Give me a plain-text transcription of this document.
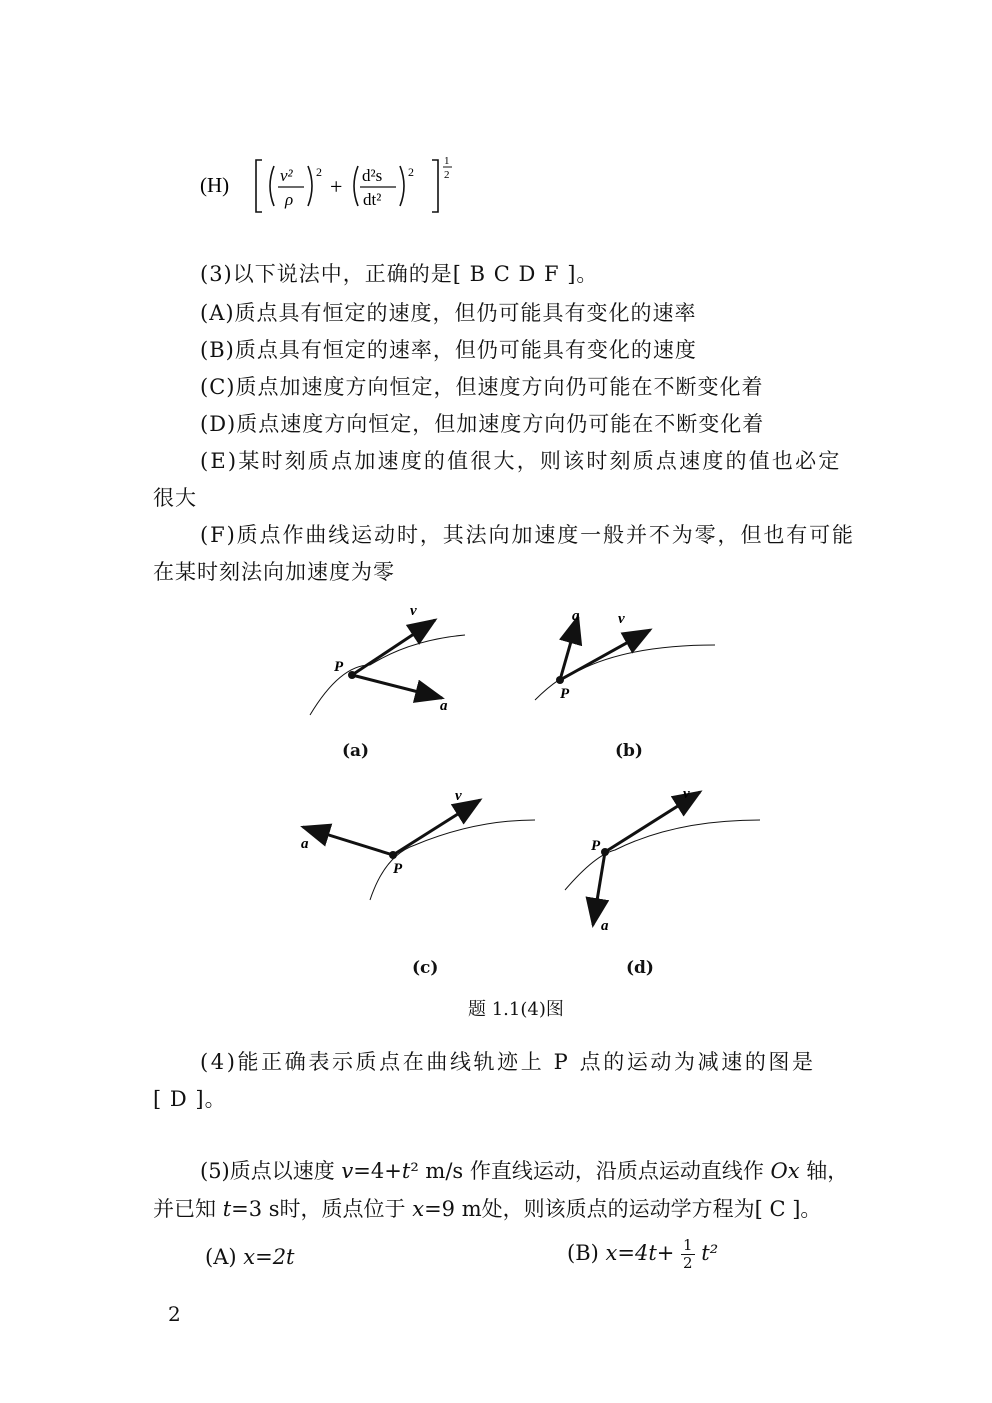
(H)	v²
ρ
2
+ d²s
dt²
2
1
2
(3)以下说法中，正确的是[ B C D F ]。
(A)质点具有恒定的速度，但仍可能具有变化的速率
(B)质点具有恒定的速率，但仍可能具有变化的速度
(C)质点加速度方向恒定，但速度方向仍可能在不断变化着
(D)质点速度方向恒定，但加速度方向仍可能在不断变化着
(E)某时刻质点加速度的值很大，则该时刻质点速度的值也必定
很大
(F)质点作曲线运动时，其法向加速度一般并不为零，但也有可能
在某时刻法向加速度为零
P
v
a
(a)
P
a	v
(b)
P
v
a
(c)
P
v
a
(d)
题 1.1(4)图
(4)能正确表示质点在曲线轨迹上 P 点的运动为减速的图是
[ D ]。
(5)质点以速度 v=4+t² m/s 作直线运动，沿质点运动直线作 Ox 轴，
并已知 t=3 s时，质点位于 x=9 m处，则该质点的运动学方程为[ C ]。
(A) x=2t	(B) $x=4t+ \frac{1}{2} t^2$
2
